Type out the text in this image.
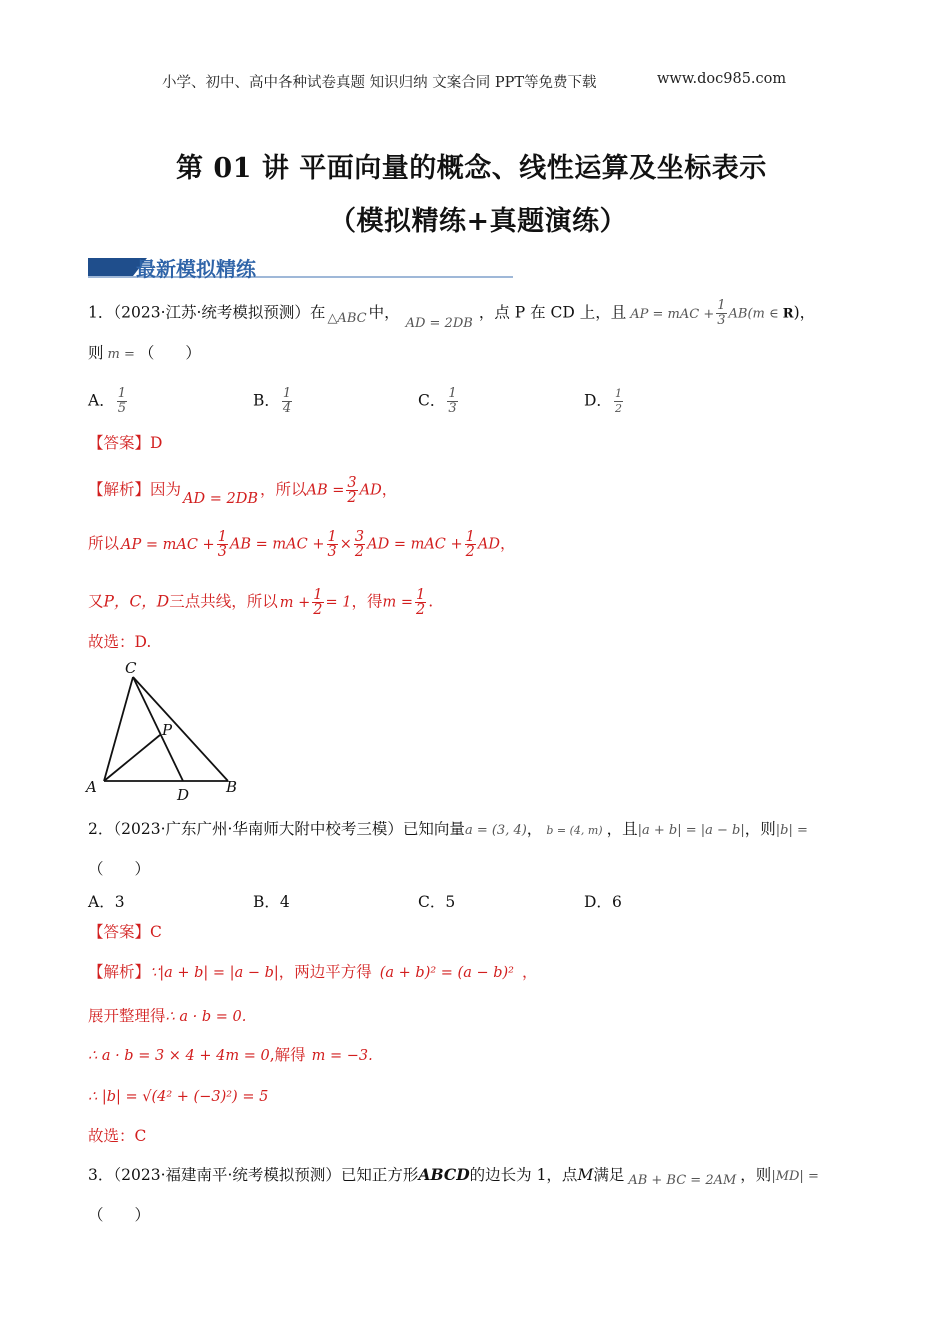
小学、初中、高中各种试卷真题 知识归纳 文案合同 PPT等免费下载	www.doc985.com
第 01 讲 平面向量的概念、线性运算及坐标表示
（模拟精练+真题演练）
最新模拟精练
1．（2023·江苏·统考模拟预测）在 $_{\triangle ABC}$ 中，$_{AD = 2DB}$，点 P 在 CD 上，且 AP = mAC + $\frac{1}{3} AB(m$ ∈ R)，
则 m = （　　）
A． $\frac{1}{5}$	B． $\frac{1}{4}$	C． $\frac{1}{3}$	D． $\frac{1}{2}$
【答案】D
【解析】因为 AD = 2DB ，所以AB = $\frac{3}{2}$ AD，
所以 AP = mAC + $\frac{1}{3}$ AB = mAC + $\frac{1}{3} \times \frac{3}{2}$ AD = mAC + $\frac{1}{2}$ AD，
又P，C，D三点共线，所以 $m + \frac{1}{2} = 1$，得$m = \frac{1}{2}$ .
故选：D.
C
P
A	D B
2．（2023·广东广州·华南师大附中校考三模）已知向量a = (3, 4)， b = (4, m) ，且|a + b| = |a − b|，则|b| =
（　　）
A．3	B．4	C．5	D．6
【答案】C
【解析】∵|a + b| = |a − b|，两边平方得 (a + b)² = (a − b)² ，
展开整理得∴ a · b = 0.
∴ a · b = 3 × 4 + 4m = 0,解得 m = −3.
∴ |b| = √(4² + (−3)²) = 5
故选：C
3．（2023·福建南平·统考模拟预测）已知正方形ABCD的边长为 1，点M满足 $_{AB + BC = 2AM}$ ，则|MD| =
（　　）
